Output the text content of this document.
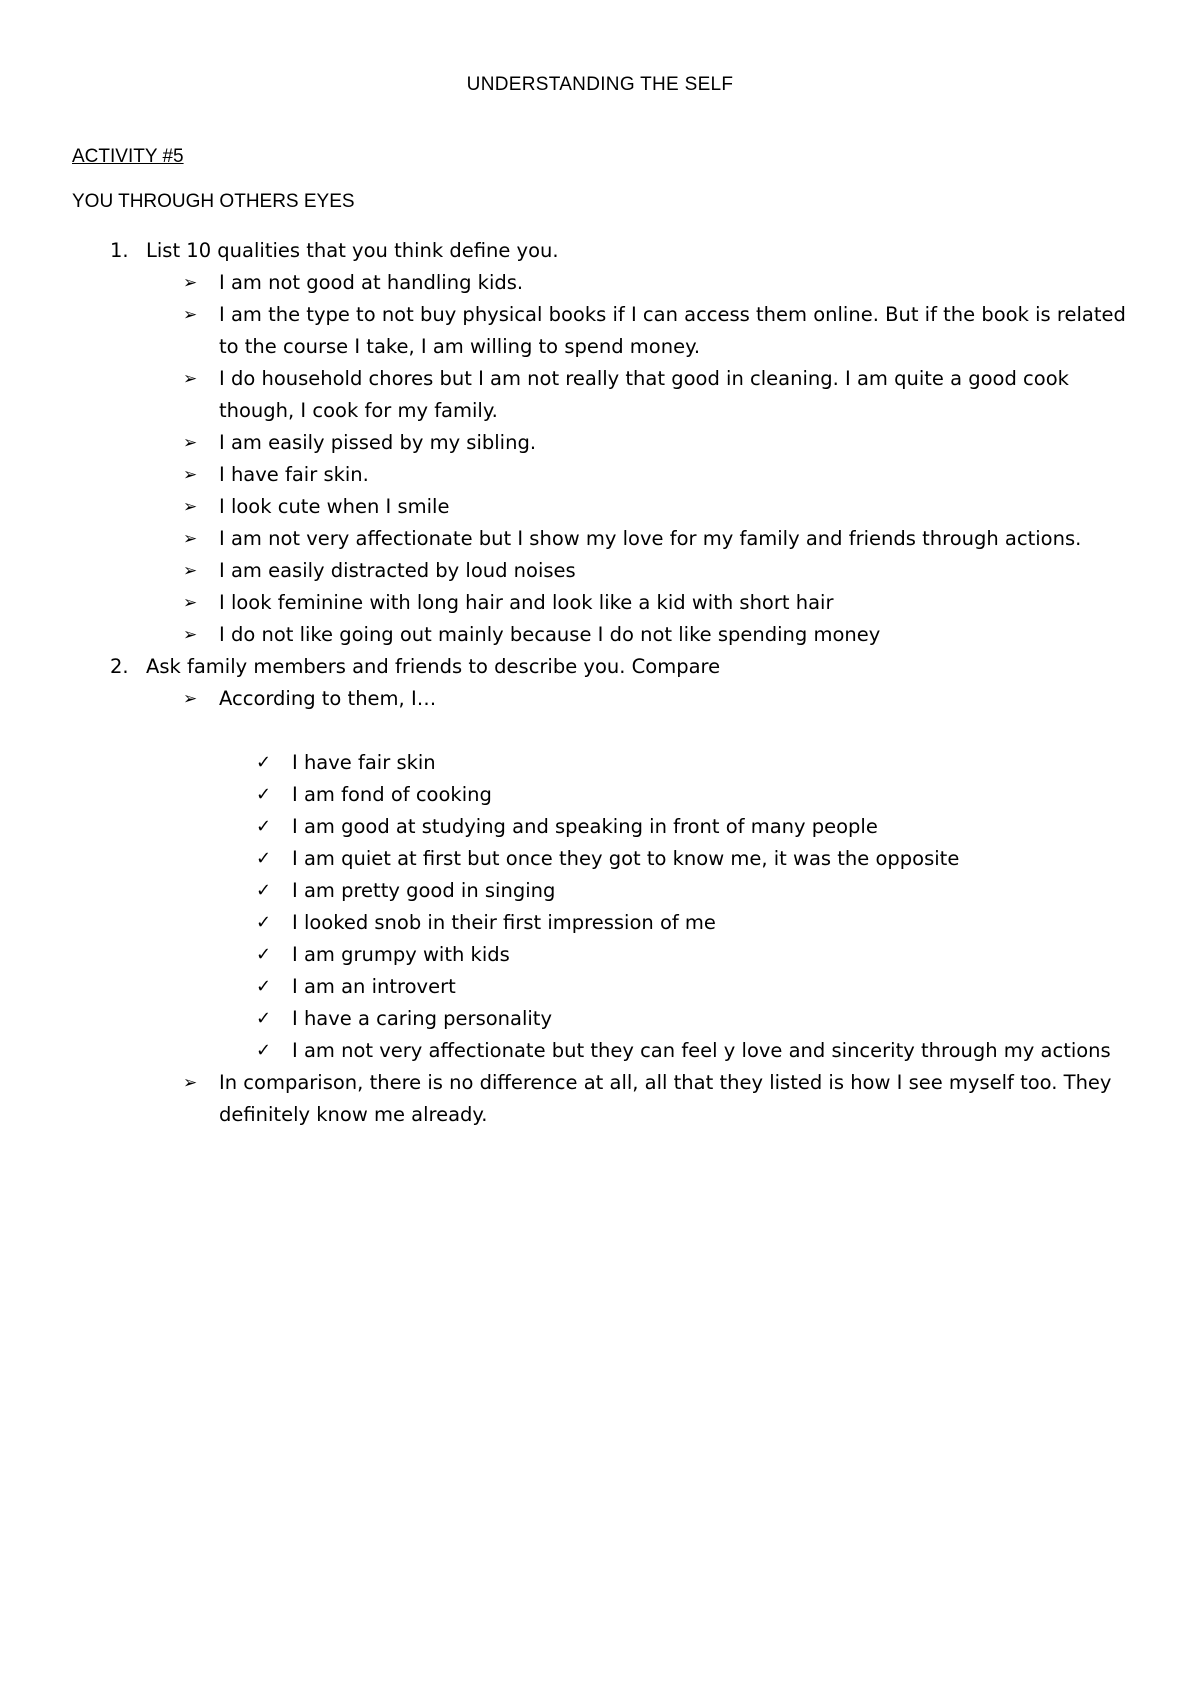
UNDERSTANDING THE SELF
ACTIVITY #5
YOU THROUGH OTHERS EYES
1. List 10 qualities that you think define you.
➢ I am not good at handling kids.
➢ I am the type to not buy physical books if I can access them online. But if the book is related to the course I take, I am willing to spend money.
➢ I do household chores but I am not really that good in cleaning. I am quite a good cook though, I cook for my family.
➢ I am easily pissed by my sibling.
➢ I have fair skin.
➢ I look cute when I smile
➢ I am not very affectionate but I show my love for my family and friends through actions.
➢ I am easily distracted by loud noises
➢ I look feminine with long hair and look like a kid with short hair
➢ I do not like going out mainly because I do not like spending money
2. Ask family members and friends to describe you. Compare
➢ According to them, I…
✓ I have fair skin
✓ I am fond of cooking
✓ I am good at studying and speaking in front of many people
✓ I am quiet at first but once they got to know me, it was the opposite
✓ I am pretty good in singing
✓ I looked snob in their first impression of me
✓ I am grumpy with kids
✓ I am an introvert
✓ I have a caring personality
✓ I am not very affectionate but they can feel y love and sincerity through my actions
➢ In comparison, there is no difference at all, all that they listed is how I see myself too. They definitely know me already.
